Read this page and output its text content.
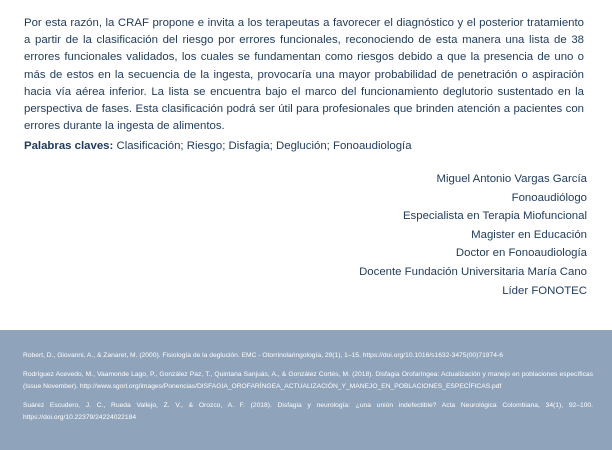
Por esta razón, la CRAF propone e invita a los terapeutas a favorecer el diagnóstico y el posterior tratamiento a partir de la clasificación del riesgo por errores funcionales, reconociendo de esta manera una lista de 38 errores funcionales validados, los cuales se fundamentan como riesgos debido a que la presencia de uno o más de estos en la secuencia de la ingesta, provocaría una mayor probabilidad de penetración o aspiración hacia vía aérea inferior. La lista se encuentra bajo el marco del funcionamiento deglutorio sustentado en la perspectiva de fases. Esta clasificación podrá ser útil para profesionales que brinden atención a pacientes con errores durante la ingesta de alimentos.

Palabras claves: Clasificación; Riesgo; Disfagia; Deglución; Fonoaudiología

Miguel Antonio Vargas García
Fonoaudiólogo
Especialista en Terapia Miofuncional
Magister en Educación
Doctor en Fonoaudiología
Docente Fundación Universitaria María Cano
Líder FONOTEC
Robert, D., Giovanni, A., & Zanaret, M. (2000). Fisiología de la deglución. EMC - Otorrinolaringología, 29(1), 1–15. https://doi.org/10.1016/s1632-3475(00)71974-6
Rodríguez Acevedo, M., Vaamonde Lago, P., González Paz, T., Quintana Sanjuás, A., & González Cortés, M. (2018). Disfagia Orofaríngea: Actualización y manejo en poblaciones específicas (Issue November). http://www.sgorl.org/images/Ponencias/DISFAGIA_OROFARÍNGEA_ACTUALIZACIÓN_Y_MANEJO_EN_POBLACIONES_ESPECÍFICAS.pdf
Suárez Escudero, J. C., Rueda Vallejo, Z. V., & Orozco, A. F. (2018). Disfagia y neurología: ¿una unión indefectible? Acta Neurológica Colombiana, 34(1), 92–100. https://doi.org/10.22379/24224022184
